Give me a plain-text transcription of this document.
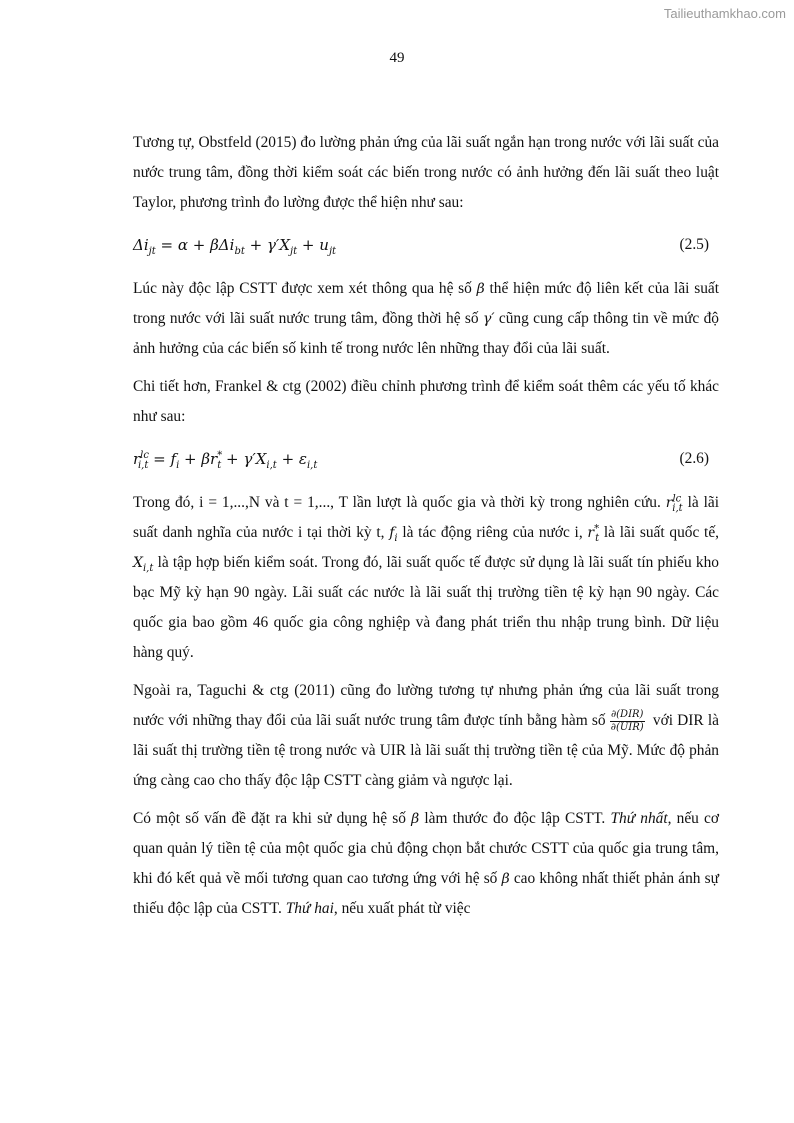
Tailieuthamkhao.com
49

Tương tự, Obstfeld (2015) đo lường phản ứng của lãi suất ngắn hạn trong nước với lãi suất của nước trung tâm, đồng thời kiểm soát các biến trong nước có ảnh hưởng đến lãi suất theo luật Taylor, phương trình đo lường được thể hiện như sau:

$\Delta i_{jt} = \alpha + \beta\Delta i_{bt} + \gamma'X_{jt} + u_{jt}$	(2.5)

Lúc này độc lập CSTT được xem xét thông qua hệ số β thể hiện mức độ liên kết của lãi suất trong nước với lãi suất nước trung tâm, đồng thời hệ số γ′ cũng cung cấp thông tin về mức độ ảnh hưởng của các biến số kinh tế trong nước lên những thay đổi của lãi suất.

Chi tiết hơn, Frankel & ctg (2002) điều chỉnh phương trình để kiểm soát thêm các yếu tố khác như sau:

$r^{lc}_{i,t} = f_i + \beta r^*_t + \gamma'X_{i,t} + \varepsilon_{i,t}$	(2.6)

Trong đó, i = 1,...,N và t = 1,..., T lần lượt là quốc gia và thời kỳ trong nghiên cứu. $r^{lc}_{i,t}$ là lãi suất danh nghĩa của nước i tại thời kỳ t, $f_i$ là tác động riêng của nước i, $r^*_t$ là lãi suất quốc tế, $X_{i,t}$ là tập hợp biến kiểm soát. Trong đó, lãi suất quốc tế được sử dụng là lãi suất tín phiếu kho bạc Mỹ kỳ hạn 90 ngày. Lãi suất các nước là lãi suất thị trường tiền tệ kỳ hạn 90 ngày. Các quốc gia bao gồm 46 quốc gia công nghiệp và đang phát triển thu nhập trung bình. Dữ liệu hàng quý.

Ngoài ra, Taguchi & ctg (2011) cũng đo lường tương tự nhưng phản ứng của lãi suất trong nước với những thay đổi của lãi suất nước trung tâm được tính bằng hàm số $\frac{\text{∂(DIR)}}{\text{∂(UIR)}}$ với DIR là lãi suất thị trường tiền tệ trong nước và UIR là lãi suất thị trường tiền tệ của Mỹ. Mức độ phản ứng càng cao cho thấy độc lập CSTT càng giảm và ngược lại.

Có một số vấn đề đặt ra khi sử dụng hệ số β làm thước đo độc lập CSTT. Thứ nhất, nếu cơ quan quản lý tiền tệ của một quốc gia chủ động chọn bắt chước CSTT của quốc gia trung tâm, khi đó kết quả về mối tương quan cao tương ứng với hệ số β cao không nhất thiết phản ánh sự thiếu độc lập của CSTT. Thứ hai, nếu xuất phát từ việc
